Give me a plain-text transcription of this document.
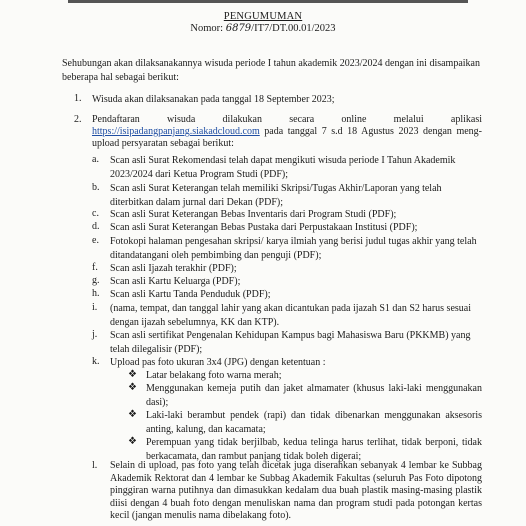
PENGUMUMAN
Nomor: 6879/IT7/DT.00.01/2023
Sehubungan akan dilaksanakannya wisuda periode I tahun akademik 2023/2024 dengan ini disampaikan beberapa hal sebagai berikut:
1. Wisuda akan dilaksanakan pada tanggal 18 September 2023;
2. Pendaftaran wisuda dilakukan secara online melalui aplikasi https://isipadangpanjang.siakadcloud.com pada tanggal 7 s.d 18 Agustus 2023 dengan meng-upload persyaratan sebagai berikut:
a. Scan asli Surat Rekomendasi telah dapat mengikuti wisuda periode I Tahun Akademik 2023/2024 dari Ketua Program Studi (PDF);
b. Scan asli Surat Keterangan telah memiliki Skripsi/Tugas Akhir/Laporan yang telah diterbitkan dalam jurnal dari Dekan (PDF);
c. Scan asli Surat Keterangan Bebas Inventaris dari Program Studi (PDF);
d. Scan asli Surat Keterangan Bebas Pustaka dari Perpustakaan Institusi (PDF);
e. Fotokopi halaman pengesahan skripsi/ karya ilmiah yang berisi judul tugas akhir yang telah ditandatangani oleh pembimbing dan penguji (PDF);
f. Scan asli Ijazah terakhir (PDF);
g. Scan asli Kartu Keluarga (PDF);
h. Scan asli Kartu Tanda Penduduk (PDF);
i. (nama, tempat, dan tanggal lahir yang akan dicantukan pada ijazah S1 dan S2 harus sesuai dengan ijazah sebelumnya, KK dan KTP).
j. Scan asli sertifikat Pengenalan Kehidupan Kampus bagi Mahasiswa Baru (PKKMB) yang telah dilegalisir (PDF);
k. Upload pas foto ukuran 3x4 (JPG) dengan ketentuan :
❖ Latar belakang foto warna merah;
❖ Menggunakan kemeja putih dan jaket almamater (khusus laki-laki menggunakan dasi);
❖ Laki-laki berambut pendek (rapi) dan tidak dibenarkan menggunakan aksesoris anting, kalung, dan kacamata;
❖ Perempuan yang tidak berjilbab, kedua telinga harus terlihat, tidak berponi, tidak berkacamata, dan rambut panjang tidak boleh digerai;
l. Selain di upload, pas foto yang telah dicetak juga diserahkan sebanyak 4 lembar ke Subbag Akademik Rektorat dan 4 lembar ke Subbag Akademik Fakultas (seluruh Pas Foto dipotong pinggiran warna putihnya dan dimasukkan kedalam dua buah plastik masing-masing plastik diisi dengan 4 buah foto dengan menuliskan nama dan program studi pada potongan kertas kecil (jangan menulis nama dibelakang foto).
